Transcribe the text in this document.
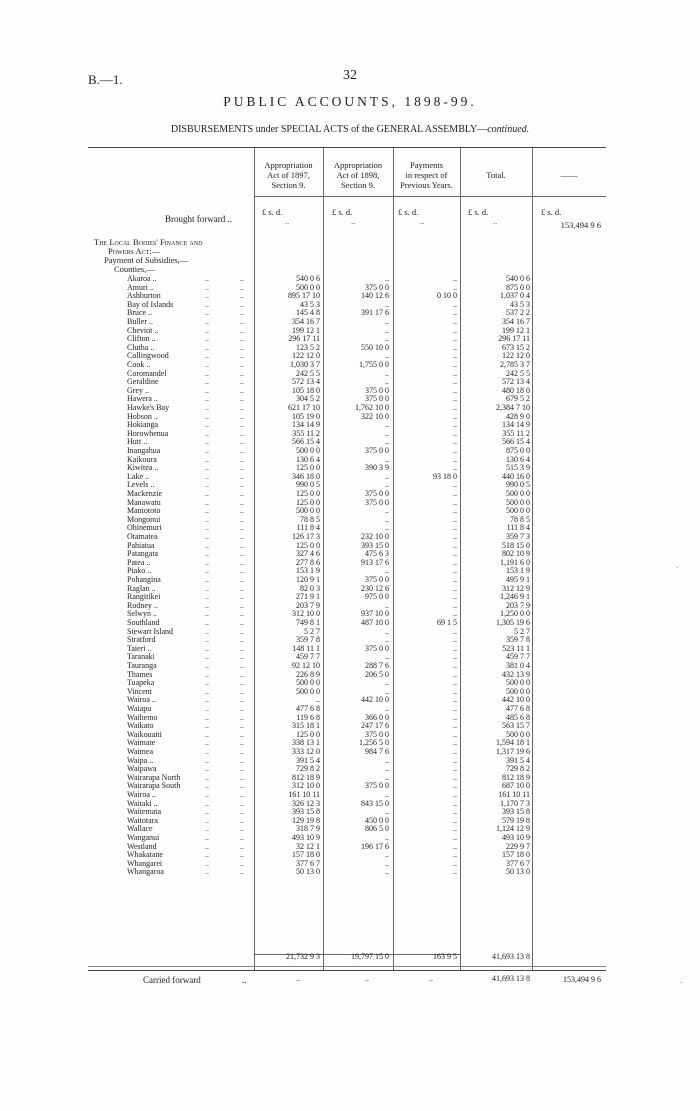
B.—1.	32
PUBLIC ACCOUNTS, 1898-99.
DISBURSEMENTS under SPECIAL ACTS of the GENERAL ASSEMBLY—continued.
Appropriation
Act of 1897,
Section 9.
Appropriation
Act of 1898,
Section 9.
Payments
in respect of
Previous Years.
Total.	——
£ s. d.	£ s. d.	£ s. d.	£ s. d.	£ s. d.
Brought forward ..	..	..	..	..	153,494 9 6
The Local Bodies' Finance and
Powers Act:—
Payment of Subsidies,—
Counties,—
Akaroa ..	540 0 6	..	..	540 0 6
..	..
Amuri ..	500 0 0	375 0 0	..	875 0 0
..	..
Ashburton	895 17 10	140 12 6	0 10 0	1,037 0 4
..	..
Bay of Islands	43 5 3	..	..	43 5 3
..	..
Bruce ..	145 4 8	391 17 6	..	537 2 2
..	..
Buller ..	354 16 7	..	..	354 16 7
..	..
Cheviot ..	199 12 1	..	..	199 12 1
..	..
Clifton ..	296 17 11	..	..	296 17 11
..	..
Clutha ..	123 5 2	550 10 0	..	673 15 2
..	..
Collingwood	122 12 0	..	..	122 12 0
..	..
Cook ..	1,030 3 7	1,755 0 0	..	2,785 3 7
..	..
Coromandel	242 5 5	..	..	242 5 5
..	..
Geraldine	572 13 4	..	..	572 13 4
..	..
Grey ..	105 18 0	375 0 0	..	480 18 0
..	..
Hawera ..	304 5 2	375 0 0	..	679 5 2
..	..
Hawke's Bay	621 17 10	1,762 10 0	..	2,384 7 10
..	..
Hobson ..	105 19 0	322 10 0	..	428 9 0
..	..
Hokianga	134 14 9	..	..	134 14 9
..	..
Horowhenua	355 11 2	..	..	355 11 2
..	..
Hutt ..	566 15 4	..	..	566 15 4
..	..
Inangahua	500 0 0	375 0 0	..	875 0 0
..	..
Kaikoura	130 6 4	..	..	130 6 4
..	..
Kiwitea ..	125 0 0	390 3 9	..	515 3 9
..	..
Lake ..	346 18 0	..	93 18 0	440 16 0
..	..
Levels ..	990 0 5	..	..	990 0 5
..	..
Mackenzie	125 0 0	375 0 0	..	500 0 0
..	..
Manawatu	125 0 0	375 0 0	..	500 0 0
..	..
Maniototo	500 0 0	..	..	500 0 0
..	..
Mongonui	78 8 5	..	..	78 8 5
..	..
Ohinemuri	111 8 4	..	..	111 8 4
..	..
Otamatea	126 17 3	232 10 0	..	359 7 3
..	..
Pahiatua	125 0 0	393 15 0	..	518 15 0
..	..
Patangata	327 4 6	475 6 3	..	802 10 9
..	..
Patea ..	277 8 6	913 17 6	..	1,191 6 0
..	..
Piako ..	153 1 9	..	..	153 1 9
..	..
Pohangina	120 9 1	375 0 0	..	495 9 1
..	..
Raglan ..	82 0 3	230 12 6	..	312 12 9
..	..
Rangitikei	271 9 1	975 0 0	..	1,246 9 1
..	..
Rodney ..	203 7 9	..	..	203 7 9
..	..
Selwyn ..	312 10 0	937 10 0	..	1,250 0 0
..	..
Southland	749 8 1	487 10 0	69 1 5	1,305 19 6
..	..
Stewart Island	5 2 7	..	..	5 2 7
..	..
Stratford	359 7 8	..	..	359 7 8
..	..
Taieri ..	148 11 1	375 0 0	..	523 11 1
..	..
Taranaki	459 7 7	..	..	459 7 7
..	..
Tauranga	92 12 10	288 7 6	..	381 0 4
..	..
Thames	226 8 9	206 5 0	..	432 13 9
..	..
Tuapeka	500 0 0	..	..	500 0 0
..	..
Vincent	500 0 0	..	..	500 0 0
..	..
Wairoa ..	..	442 10 0	..	442 10 0
..	..
Waiapu	477 6 8	..	..	477 6 8
..	..
Waihemo	119 6 8	366 0 0	..	485 6 8
..	..
Waikato	315 18 1	247 17 6	..	563 15 7
..	..
Waikouaiti	125 0 0	375 0 0	..	500 0 0
..	..
Waimate	338 13 1	1,256 5 0	..	1,594 18 1
..	..
Waimea	333 12 0	984 7 6	..	1,317 19 6
..	..
Waipa ..	391 5 4	..	..	391 5 4
..	..
Waipawa	729 8 2	..	..	729 8 2
..	..
Wairarapa North	812 18 9	..	..	812 18 9
..	..
Wairarapa South	312 10 0	375 0 0	..	687 10 0
..	..
Wairoa ..	161 10 11	..	..	161 10 11
..	..
Waitaki ..	326 12 3	843 15 0	..	1,170 7 3
..	..
Waitemata	393 15 8	..	..	393 15 8
..	..
Waitotara	129 19 8	450 0 0	..	579 19 8
..	..
Wallace	318 7 9	806 5 0	..	1,124 12 9
..	..
Wanganui	493 10 9	..	..	493 10 9
..	..
Westland	32 12 1	196 17 6	..	229 9 7
..	..
Whakatane	157 18 0	..	..	157 18 0
..	..
Whangarei	377 6 7	..	..	377 6 7
..	..
Whangaroa	50 13 0	..	..	50 13 0
..	..
21,732 9 3	19,797 15 0	163 9 5	41,693 13 8
Carried forward	..	..	..	..	41,693 13 8	153,494 9 6
.
.
